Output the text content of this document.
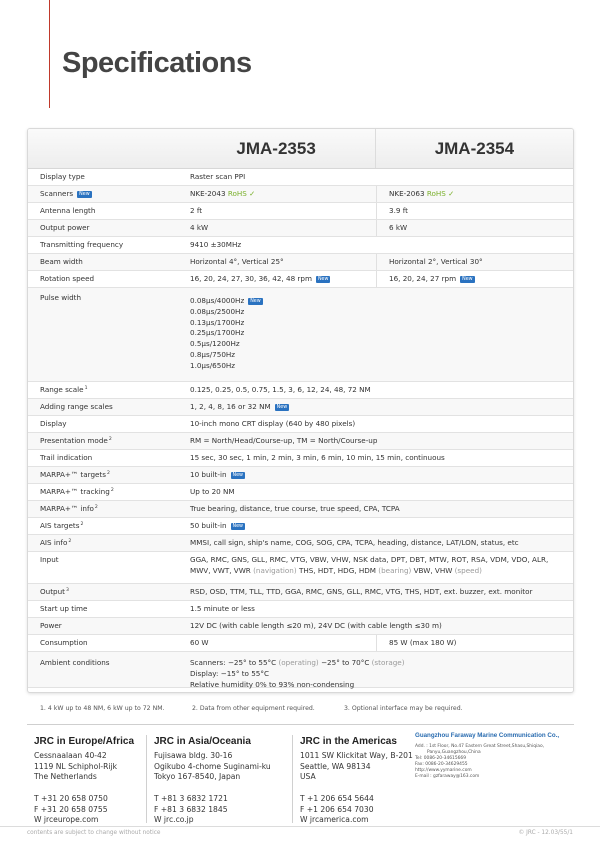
Specifications
JMA-2353	JMA-2354
Display type	Raster scan PPI
Scanners New	NKE-2043 RoHS ✓	NKE-2063 RoHS ✓
Antenna length	2 ft	3.9 ft
Output power	4 kW	6 kW
Transmitting frequency	9410 ±30MHz
Beam width	Horizontal 4°, Vertical 25°	Horizontal 2°, Vertical 30°
Rotation speed	16, 20, 24, 27, 30, 36, 42, 48 rpm New	16, 20, 24, 27 rpm New
Pulse width	0.08μs/4000Hz New
0.08μs/2500Hz
0.13μs/1700Hz
0.25μs/1700Hz
0.5μs/1200Hz
0.8μs/750Hz
1.0μs/650Hz
Range scale$^1$	0.125, 0.25, 0.5, 0.75, 1.5, 3, 6, 12, 24, 48, 72 NM
Adding range scales	1, 2, 4, 8, 16 or 32 NM New
Display	10-inch mono CRT display (640 by 480 pixels)
Presentation mode$^2$	RM = North/Head/Course-up, TM = North/Course-up
Trail indication	15 sec, 30 sec, 1 min, 2 min, 3 min, 6 min, 10 min, 15 min, continuous
MARPA+™ targets$^2$	10 built-in New
MARPA+™ tracking$^2$	Up to 20 NM
MARPA+™ info$^2$	True bearing, distance, true course, true speed, CPA, TCPA
AIS targets$^2$	50 built-in New
AIS info$^2$	MMSI, call sign, ship's name, COG, SOG, CPA, TCPA, heading, distance, LAT/LON, status, etc
Input	GGA, RMC, GNS, GLL, RMC, VTG, VBW, VHW, NSK data, DPT, DBT, MTW, ROT, RSA, VDM, VDO, ALR,
MWV, VWT, VWR (navigation) THS, HDT, HDG, HDM (bearing) VBW, VHW (speed)
Output$^3$	RSD, OSD, TTM, TLL, TTD, GGA, RMC, GNS, GLL, RMC, VTG, THS, HDT, ext. buzzer, ext. monitor
Start up time	1.5 minute or less
Power	12V DC (with cable length ≤20 m), 24V DC (with cable length ≤30 m)
Consumption	60 W	85 W (max 180 W)
Ambient conditions	Scanners: −25° to 55°C (operating) −25° to 70°C (storage)
Display: −15° to 55°C
Relative humidity 0% to 93% non-condensing
1. 4 kW up to 48 NM, 6 kW up to 72 NM.	2. Data from other equipment required.	3. Optional interface may be required.
JRC in Europe/Africa
Cessnaalaan 40-42
1119 NL Schiphol-Rijk
The Netherlands
T +31 20 658 0750
F +31 20 658 0755
W jrceurope.com
JRC in Asia/Oceania
Fujisawa bldg. 30-16
Ogikubo 4-chome Suginami-ku
Tokyo 167-8540, Japan
T +81 3 6832 1721
F +81 3 6832 1845
W jrc.co.jp
JRC in the Americas
1011 SW Klickitat Way, B-201
Seattle, WA 98134
USA
T +1 206 654 5644
F +1 206 654 7030
W jrcamerica.com
Guangzhou Faraway Marine Communication Co.,
Add. : 1st Floor, No.47 Eastern Great Street,Shasu,Shiqiao,
Panyu,Guangzhou,China
Tel: 0086-20-34615669
Fax: 0086-20-34629455
http://www.yymarine.com
E-mail : gzfaraway@163.com
contents are subject to change without notice	© JRC - 12.03/55/1
